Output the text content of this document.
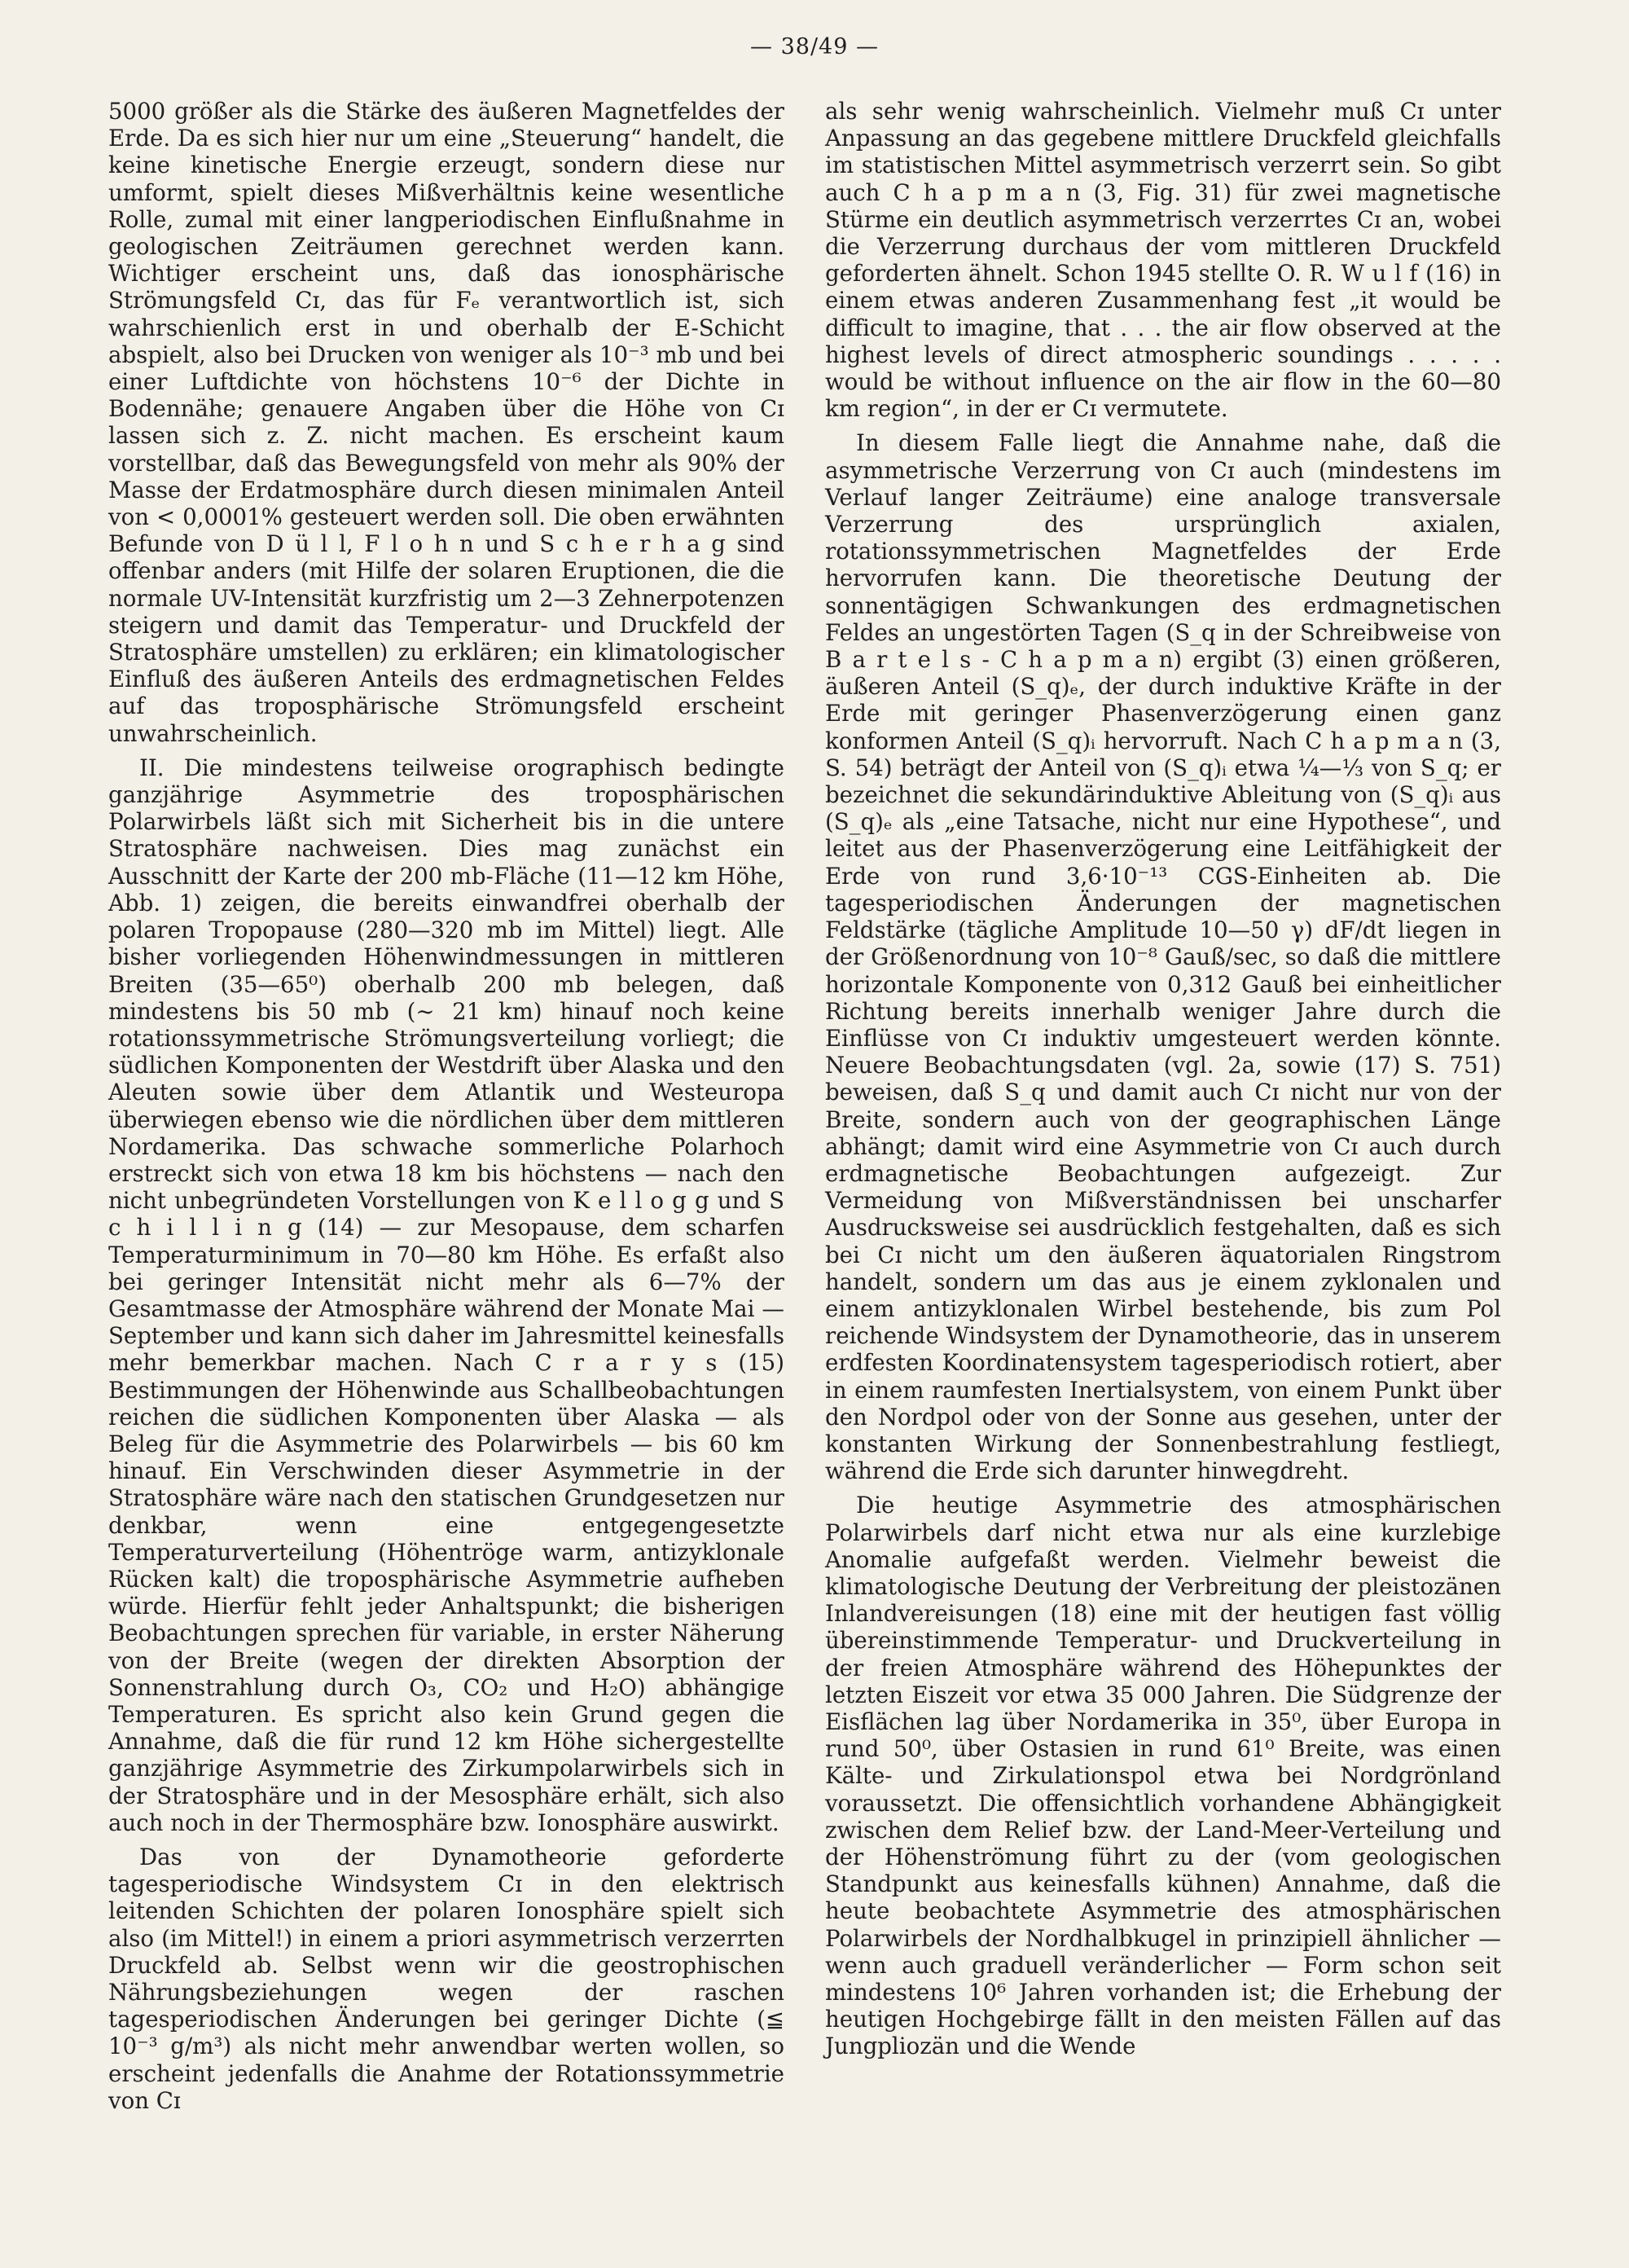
— 38/49 —

5000 größer als die Stärke des äußeren Magnetfeldes der Erde. Da es sich hier nur um eine „Steuerung“ handelt, die keine kinetische Energie erzeugt, sondern diese nur umformt, spielt dieses Mißverhältnis keine wesentliche Rolle, zumal mit einer langperiodischen Einflußnahme in geologischen Zeiträumen gerechnet werden kann. Wichtiger erscheint uns, daß das ionosphärische Strömungsfeld Cɪ, das für Fₑ verantwortlich ist, sich wahrschienlich erst in und oberhalb der E-Schicht abspielt, also bei Drucken von weniger als 10⁻³ mb und bei einer Luftdichte von höchstens 10⁻⁶ der Dichte in Bodennähe; genauere Angaben über die Höhe von Cɪ lassen sich z. Z. nicht machen. Es erscheint kaum vorstellbar, daß das Bewegungsfeld von mehr als 90% der Masse der Erdatmosphäre durch diesen minimalen Anteil von < 0,0001% gesteuert werden soll. Die oben erwähnten Befunde von D ü l l, F l o h n und S c h e r h a g sind offenbar anders (mit Hilfe der solaren Eruptionen, die die normale UV-Intensität kurzfristig um 2—3 Zehnerpotenzen steigern und damit das Temperatur- und Druckfeld der Stratosphäre umstellen) zu erklären; ein klimatologischer Einfluß des äußeren Anteils des erdmagnetischen Feldes auf das troposphärische Strömungsfeld erscheint unwahrscheinlich.

II. Die mindestens teilweise orographisch bedingte ganzjährige Asymmetrie des troposphärischen Polarwirbels läßt sich mit Sicherheit bis in die untere Stratosphäre nachweisen. Dies mag zunächst ein Ausschnitt der Karte der 200 mb-Fläche (11—12 km Höhe, Abb. 1) zeigen, die bereits einwandfrei oberhalb der polaren Tropopause (280—320 mb im Mittel) liegt. Alle bisher vorliegenden Höhenwindmessungen in mittleren Breiten (35—65⁰) oberhalb 200 mb belegen, daß mindestens bis 50 mb (∼ 21 km) hinauf noch keine rotationssymmetrische Strömungsverteilung vorliegt; die südlichen Komponenten der Westdrift über Alaska und den Aleuten sowie über dem Atlantik und Westeuropa überwiegen ebenso wie die nördlichen über dem mittleren Nordamerika. Das schwache sommerliche Polarhoch erstreckt sich von etwa 18 km bis höchstens — nach den nicht unbegründeten Vorstellungen von K e l l o g g und S c h i l l i n g (14) — zur Mesopause, dem scharfen Temperaturminimum in 70—80 km Höhe. Es erfaßt also bei geringer Intensität nicht mehr als 6—7% der Gesamtmasse der Atmosphäre während der Monate Mai — September und kann sich daher im Jahresmittel keinesfalls mehr bemerkbar machen. Nach C r a r y s (15) Bestimmungen der Höhenwinde aus Schallbeobachtungen reichen die südlichen Komponenten über Alaska — als Beleg für die Asymmetrie des Polarwirbels — bis 60 km hinauf. Ein Verschwinden dieser Asymmetrie in der Stratosphäre wäre nach den statischen Grundgesetzen nur denkbar, wenn eine entgegengesetzte Temperaturverteilung (Höhentröge warm, antizyklonale Rücken kalt) die troposphärische Asymmetrie aufheben würde. Hierfür fehlt jeder Anhaltspunkt; die bisherigen Beobachtungen sprechen für variable, in erster Näherung von der Breite (wegen der direkten Absorption der Sonnenstrahlung durch O₃, CO₂ und H₂O) abhängige Temperaturen. Es spricht also kein Grund gegen die Annahme, daß die für rund 12 km Höhe sichergestellte ganzjährige Asymmetrie des Zirkumpolarwirbels sich in der Stratosphäre und in der Mesosphäre erhält, sich also auch noch in der Thermosphäre bzw. Ionosphäre auswirkt.

Das von der Dynamotheorie geforderte tagesperiodische Windsystem Cɪ in den elektrisch leitenden Schichten der polaren Ionosphäre spielt sich also (im Mittel!) in einem a priori asymmetrisch verzerrten Druckfeld ab. Selbst wenn wir die geostrophischen Nährungsbeziehungen wegen der raschen tagesperiodischen Änderungen bei geringer Dichte (≦ 10⁻³ g/m³) als nicht mehr anwendbar werten wollen, so erscheint jedenfalls die Anahme der Rotationssymmetrie von Cɪ

als sehr wenig wahrscheinlich. Vielmehr muß Cɪ unter Anpassung an das gegebene mittlere Druckfeld gleichfalls im statistischen Mittel asymmetrisch verzerrt sein. So gibt auch C h a p m a n (3, Fig. 31) für zwei magnetische Stürme ein deutlich asymmetrisch verzerrtes Cɪ an, wobei die Verzerrung durchaus der vom mittleren Druckfeld geforderten ähnelt. Schon 1945 stellte O. R. W u l f (16) in einem etwas anderen Zusammenhang fest „it would be difficult to imagine, that . . . the air flow observed at the highest levels of direct atmospheric soundings . . . . . would be without influence on the air flow in the 60—80 km region“, in der er Cɪ vermutete.

In diesem Falle liegt die Annahme nahe, daß die asymmetrische Verzerrung von Cɪ auch (mindestens im Verlauf langer Zeiträume) eine analoge transversale Verzerrung des ursprünglich axialen, rotationssymmetrischen Magnetfeldes der Erde hervorrufen kann. Die theoretische Deutung der sonnentägigen Schwankungen des erdmagnetischen Feldes an ungestörten Tagen (S_q in der Schreibweise von B a r t e l s - C h a p m a n) ergibt (3) einen größeren, äußeren Anteil (S_q)ₑ, der durch induktive Kräfte in der Erde mit geringer Phasenverzögerung einen ganz konformen Anteil (S_q)ᵢ hervorruft. Nach C h a p m a n (3, S. 54) beträgt der Anteil von (S_q)ᵢ etwa ¼—⅓ von S_q; er bezeichnet die sekundärinduktive Ableitung von (S_q)ᵢ aus (S_q)ₑ als „eine Tatsache, nicht nur eine Hypothese“, und leitet aus der Phasenverzögerung eine Leitfähigkeit der Erde von rund 3,6·10⁻¹³ CGS-Einheiten ab. Die tagesperiodischen Änderungen der magnetischen Feldstärke (tägliche Amplitude 10—50 γ) dF/dt liegen in der Größenordnung von 10⁻⁸ Gauß/sec, so daß die mittlere horizontale Komponente von 0,312 Gauß bei einheitlicher Richtung bereits innerhalb weniger Jahre durch die Einflüsse von Cɪ induktiv umgesteuert werden könnte. Neuere Beobachtungsdaten (vgl. 2a, sowie (17) S. 751) beweisen, daß S_q und damit auch Cɪ nicht nur von der Breite, sondern auch von der geographischen Länge abhängt; damit wird eine Asymmetrie von Cɪ auch durch erdmagnetische Beobachtungen aufgezeigt. Zur Vermeidung von Mißverständnissen bei unscharfer Ausdrucksweise sei ausdrücklich festgehalten, daß es sich bei Cɪ nicht um den äußeren äquatorialen Ringstrom handelt, sondern um das aus je einem zyklonalen und einem antizyklonalen Wirbel bestehende, bis zum Pol reichende Windsystem der Dynamotheorie, das in unserem erdfesten Koordinatensystem tagesperiodisch rotiert, aber in einem raumfesten Inertialsystem, von einem Punkt über den Nordpol oder von der Sonne aus gesehen, unter der konstanten Wirkung der Sonnenbestrahlung festliegt, während die Erde sich darunter hinwegdreht.

Die heutige Asymmetrie des atmosphärischen Polarwirbels darf nicht etwa nur als eine kurzlebige Anomalie aufgefaßt werden. Vielmehr beweist die klimatologische Deutung der Verbreitung der pleistozänen Inlandvereisungen (18) eine mit der heutigen fast völlig übereinstimmende Temperatur- und Druckverteilung in der freien Atmosphäre während des Höhepunktes der letzten Eiszeit vor etwa 35 000 Jahren. Die Südgrenze der Eisflächen lag über Nordamerika in 35⁰, über Europa in rund 50⁰, über Ostasien in rund 61⁰ Breite, was einen Kälte- und Zirkulationspol etwa bei Nordgrönland voraussetzt. Die offensichtlich vorhandene Abhängigkeit zwischen dem Relief bzw. der Land-Meer-Verteilung und der Höhenströmung führt zu der (vom geologischen Standpunkt aus keinesfalls kühnen) Annahme, daß die heute beobachtete Asymmetrie des atmosphärischen Polarwirbels der Nordhalbkugel in prinzipiell ähnlicher — wenn auch graduell veränderlicher — Form schon seit mindestens 10⁶ Jahren vorhanden ist; die Erhebung der heutigen Hochgebirge fällt in den meisten Fällen auf das Jungpliozän und die Wende
